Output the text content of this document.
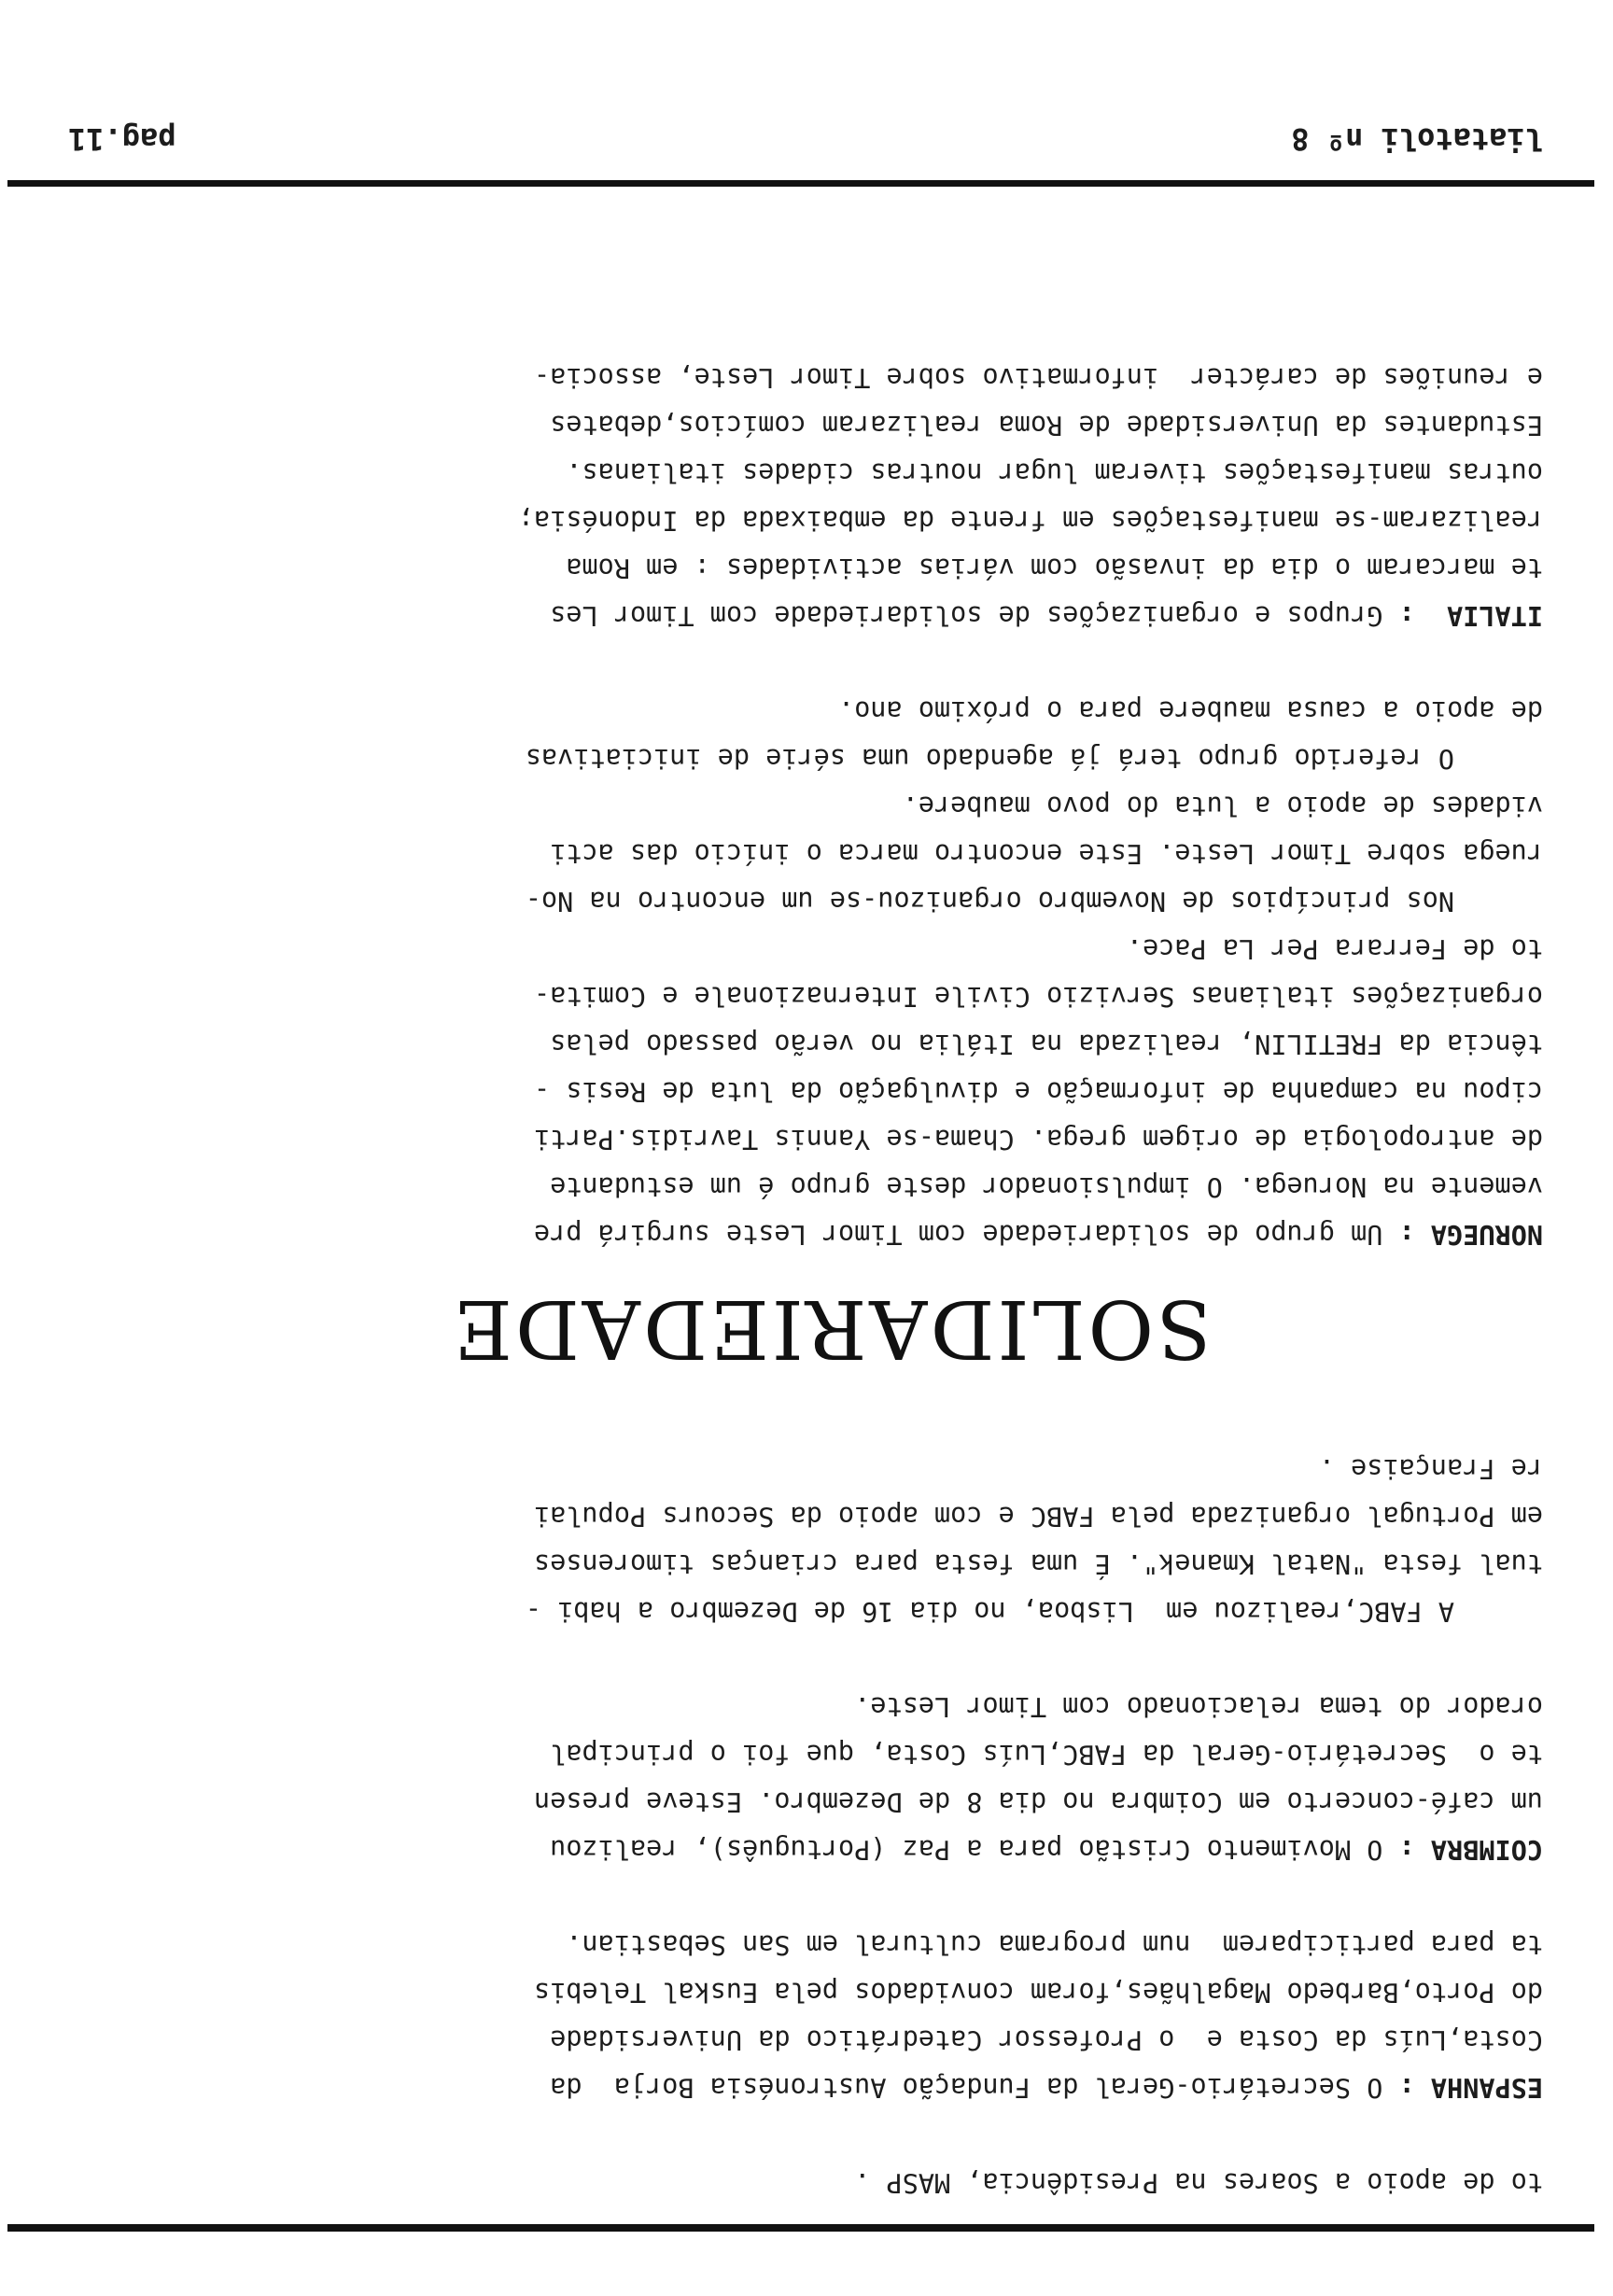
to de apoio a Soares na Presidência, MASP .
ESPANHA : O Secretário-Geral da Fundação Austronésia Borja  da
Costa,Luís da Costa e  o Professor Catedrático da Universidade
do Porto,Barbedo Magalhães,foram convidados pela Euskal Telebis
ta para participarem  num programa cultural em San Sebastian.
COIMBRA : O Movimento Cristão para a Paz (Português), realizou
um café-concerto em Coimbra no dia 8 de Dezembro. Esteve presen
te o  Secretário-Geral da FABC,Luís Costa, que foi o principal
orador do tema relacionado com Timor Leste.
A FABC,realizou em  Lisboa, no dia 16 de Dezembro a habi -
tual festa "Natal Kmanek". É uma festa para crianças timorenses
em Portugal organizada pela FABC e com apoio da Secours Populai
re Française .
SOLIDARIEDADE
NORUEGA : Um grupo de solidariedade com Timor Leste surgirá pre
vemente na Noruega. O impulsionador deste grupo é um estudante
de antropologia de origem grega. Chama-se Yannis Tavridis.Parti
cipou na campanha de informação e divulgação da luta de Resis -
tência da FRETILIN, realizada na Itália no verão passado pelas
organizações italianas Servizio Civile Internazionale e Comita-
to de Ferrara Per La Pace.
Nos princípios de Novembro organizou-se um encontro na No-
ruega sobre Timor Leste. Este encontro marca o início das acti
vidades de apoio a luta do povo maubere.
O referido grupo terá já agendado uma série de iniciativas
de apoio a causa maubere para o próximo ano.
ITALIA  : Grupos e organizações de solidariedade com Timor Les
te marcaram o dia da invasão com várias actividades : em Roma
realizaram-se manifestações em frente da embaixada da Indonésia;
outras manifestações tiveram lugar noutras cidades italianas.
Estudantes da Universidade de Roma realizaram comícios,debates
e reuniões de carácter  informativo sobre Timor Leste, associa-
liatatoli nº 8
pag.11
